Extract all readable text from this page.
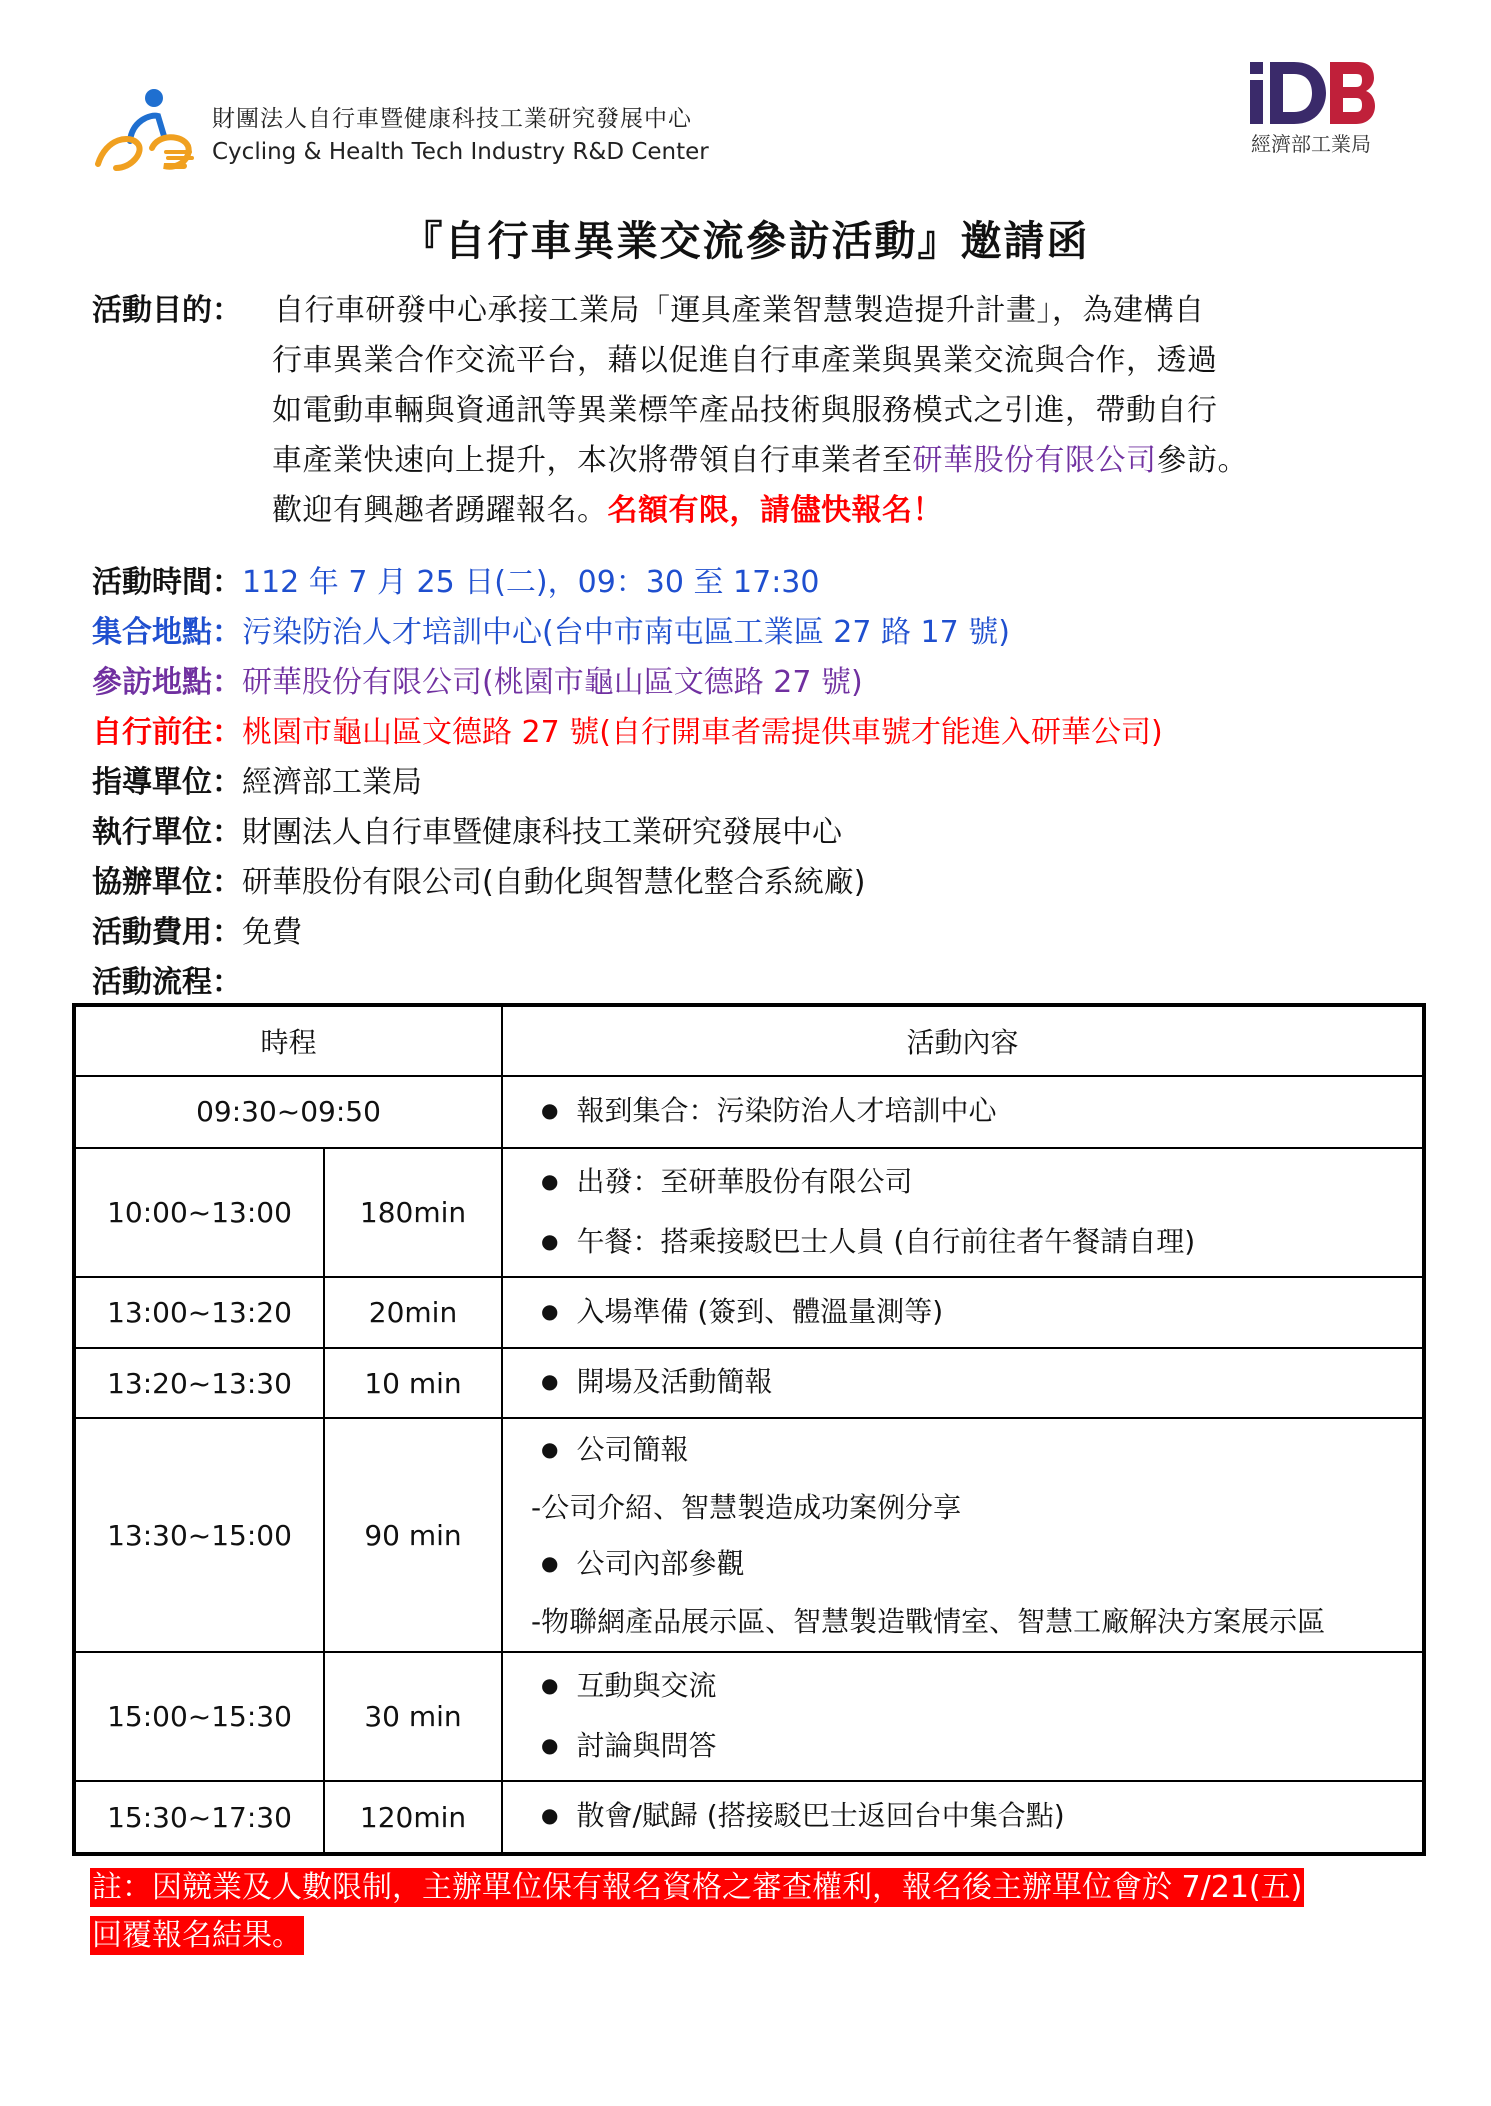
財團法人自行車暨健康科技工業研究發展中心
Cycling & Health Tech Industry R&D Center	經濟部工業局
『自行車異業交流參訪活動』邀請函
活動目的： 自行車研發中心承接工業局「運具產業智慧製造提升計畫」，為建構自
行車異業合作交流平台，藉以促進自行車產業與異業交流與合作，透過
如電動車輛與資通訊等異業標竿產品技術與服務模式之引進，帶動自行
車產業快速向上提升，本次將帶領自行車業者至研華股份有限公司參訪。
歡迎有興趣者踴躍報名。名額有限，請儘快報名！
活動時間：112 年 7 月 25 日(二)，09：30 至 17:30
集合地點：污染防治人才培訓中心(台中市南屯區工業區 27 路 17 號)
參訪地點：研華股份有限公司(桃園市龜山區文德路 27 號)
自行前往：桃園市龜山區文德路 27 號(自行開車者需提供車號才能進入研華公司)
指導單位：經濟部工業局
執行單位：財團法人自行車暨健康科技工業研究發展中心
協辦單位：研華股份有限公司(自動化與智慧化整合系統廠)
活動費用：免費
活動流程：
時程		活動內容
09:30~09:50		● 報到集合：污染防治人才培訓中心

10:00~13:00	180min	● 出發：至研華股份有限公司
● 午餐：搭乘接駁巴士人員 (自行前往者午餐請自理)

13:00~13:20	20min	● 入場準備 (簽到、體溫量測等)

13:20~13:30	10 min	● 開場及活動簡報

13:30~15:00	90 min	● 公司簡報
-公司介紹、智慧製造成功案例分享
● 公司內部參觀
-物聯網產品展示區、智慧製造戰情室、智慧工廠解決方案展示區

15:00~15:30	30 min	● 互動與交流
● 討論與問答

15:30~17:30	120min	● 散會/賦歸 (搭接駁巴士返回台中集合點)
註：因競業及人數限制，主辦單位保有報名資格之審查權利，報名後主辦單位會於 7/21(五)
回覆報名結果。
